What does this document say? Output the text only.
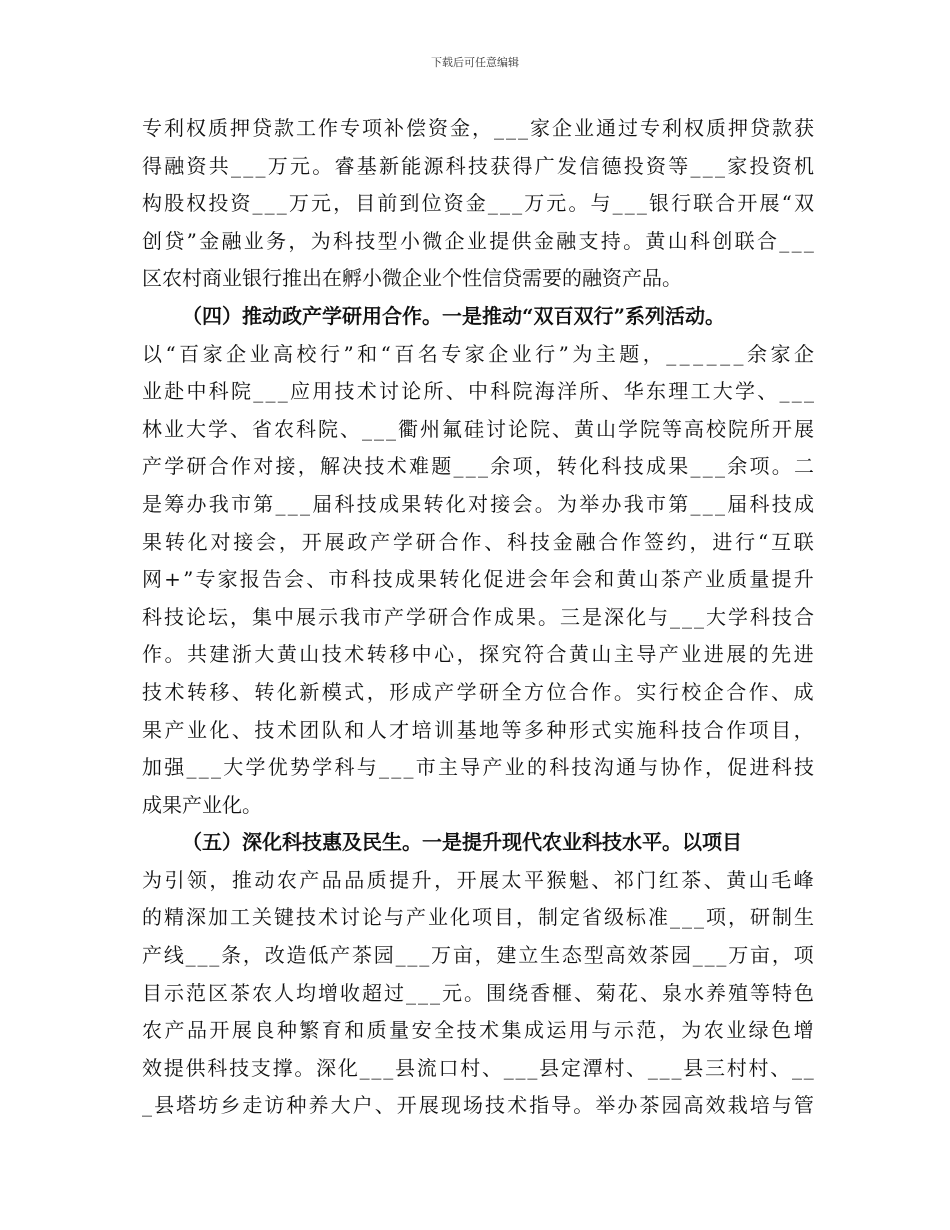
下载后可任意编辑
专 利 权 质 押 贷 款 工 作 专 项 补 偿 资 金 ， _ _ _ 家 企 业 通 过 专 利 权 质 押 贷 款 获
得 融 资 共 _ _ _ 万 元 。 睿 基 新 能 源 科 技 获 得 广 发 信 德 投 资 等 _ _ _ 家 投 资 机
构 股 权 投 资 _ _ _ 万 元 ， 目 前 到 位 资 金 _ _ _ 万 元 。 与 _ _ _ 银 行 联 合 开 展 “ 双
创 贷 ” 金 融 业 务 ， 为 科 技 型 小 微 企 业 提 供 金 融 支 持 。 黄 山 科 创 联 合 _ _ _
区农村商业银行推出在孵小微企业个性信贷需要的融资产品。
（四）推动政产学研用合作。一是推动“双百双行”系列活动。
以 “ 百 家 企 业 高 校 行 ” 和 “ 百 名 专 家 企 业 行 ” 为 主 题 ， _ _ _ _ _ _ 余 家 企
业 赴 中 科 院 _ _ _ 应 用 技 术 讨 论 所 、 中 科 院 海 洋 所 、 华 东 理 工 大 学 、 _ _ _
林 业 大 学 、 省 农 科 院 、 _ _ _ 衢 州 氟 硅 讨 论 院 、 黄 山 学 院 等 高 校 院 所 开 展
产 学 研 合 作 对 接 ， 解 决 技 术 难 题 _ _ _ 余 项 ， 转 化 科 技 成 果 _ _ _ 余 项 。 二
是 筹 办 我 市 第 _ _ _ 届 科 技 成 果 转 化 对 接 会 。 为 举 办 我 市 第 _ _ _ 届 科 技 成
果 转 化 对 接 会 ， 开 展 政 产 学 研 合 作 、 科 技 金 融 合 作 签 约 ， 进 行 “ 互 联
网 + ” 专 家 报 告 会 、 市 科 技 成 果 转 化 促 进 会 年 会 和 黄 山 茶 产 业 质 量 提 升
科 技 论 坛 ， 集 中 展 示 我 市 产 学 研 合 作 成 果 。 三 是 深 化 与 _ _ _ 大 学 科 技 合
作 。 共 建 浙 大 黄 山 技 术 转 移 中 心 ， 探 究 符 合 黄 山 主 导 产 业 进 展 的 先 进
技 术 转 移 、 转 化 新 模 式 ， 形 成 产 学 研 全 方 位 合 作 。 实 行 校 企 合 作 、 成
果 产 业 化 、 技 术 团 队 和 人 才 培 训 基 地 等 多 种 形 式 实 施 科 技 合 作 项 目 ，
加 强 _ _ _ 大 学 优 势 学 科 与 _ _ _ 市 主 导 产 业 的 科 技 沟 通 与 协 作 ， 促 进 科 技
成果产业化。
（五）深化科技惠及民生。一是提升现代农业科技水平。以项目
为 引 领 ， 推 动 农 产 品 品 质 提 升 ， 开 展 太 平 猴 魁 、 祁 门 红 茶 、 黄 山 毛 峰
的 精 深 加 工 关 键 技 术 讨 论 与 产 业 化 项 目 ， 制 定 省 级 标 准 _ _ _ 项 ， 研 制 生
产 线 _ _ _ 条 ， 改 造 低 产 茶 园 _ _ _ 万 亩 ， 建 立 生 态 型 高 效 茶 园 _ _ _ 万 亩 ， 项
目 示 范 区 茶 农 人 均 增 收 超 过 _ _ _ 元 。 围 绕 香 榧 、 菊 花 、 泉 水 养 殖 等 特 色
农 产 品 开 展 良 种 繁 育 和 质 量 安 全 技 术 集 成 运 用 与 示 范 ， 为 农 业 绿 色 增
效 提 供 科 技 支 撑 。 深 化 _ _ _ 县 流 口 村 、 _ _ _ 县 定 潭 村 、 _ _ _ 县 三 村 村 、 _ _
_ 县 塔 坊 乡 走 访 种 养 大 户 、 开 展 现 场 技 术 指 导 。 举 办 茶 园 高 效 栽 培 与 管
